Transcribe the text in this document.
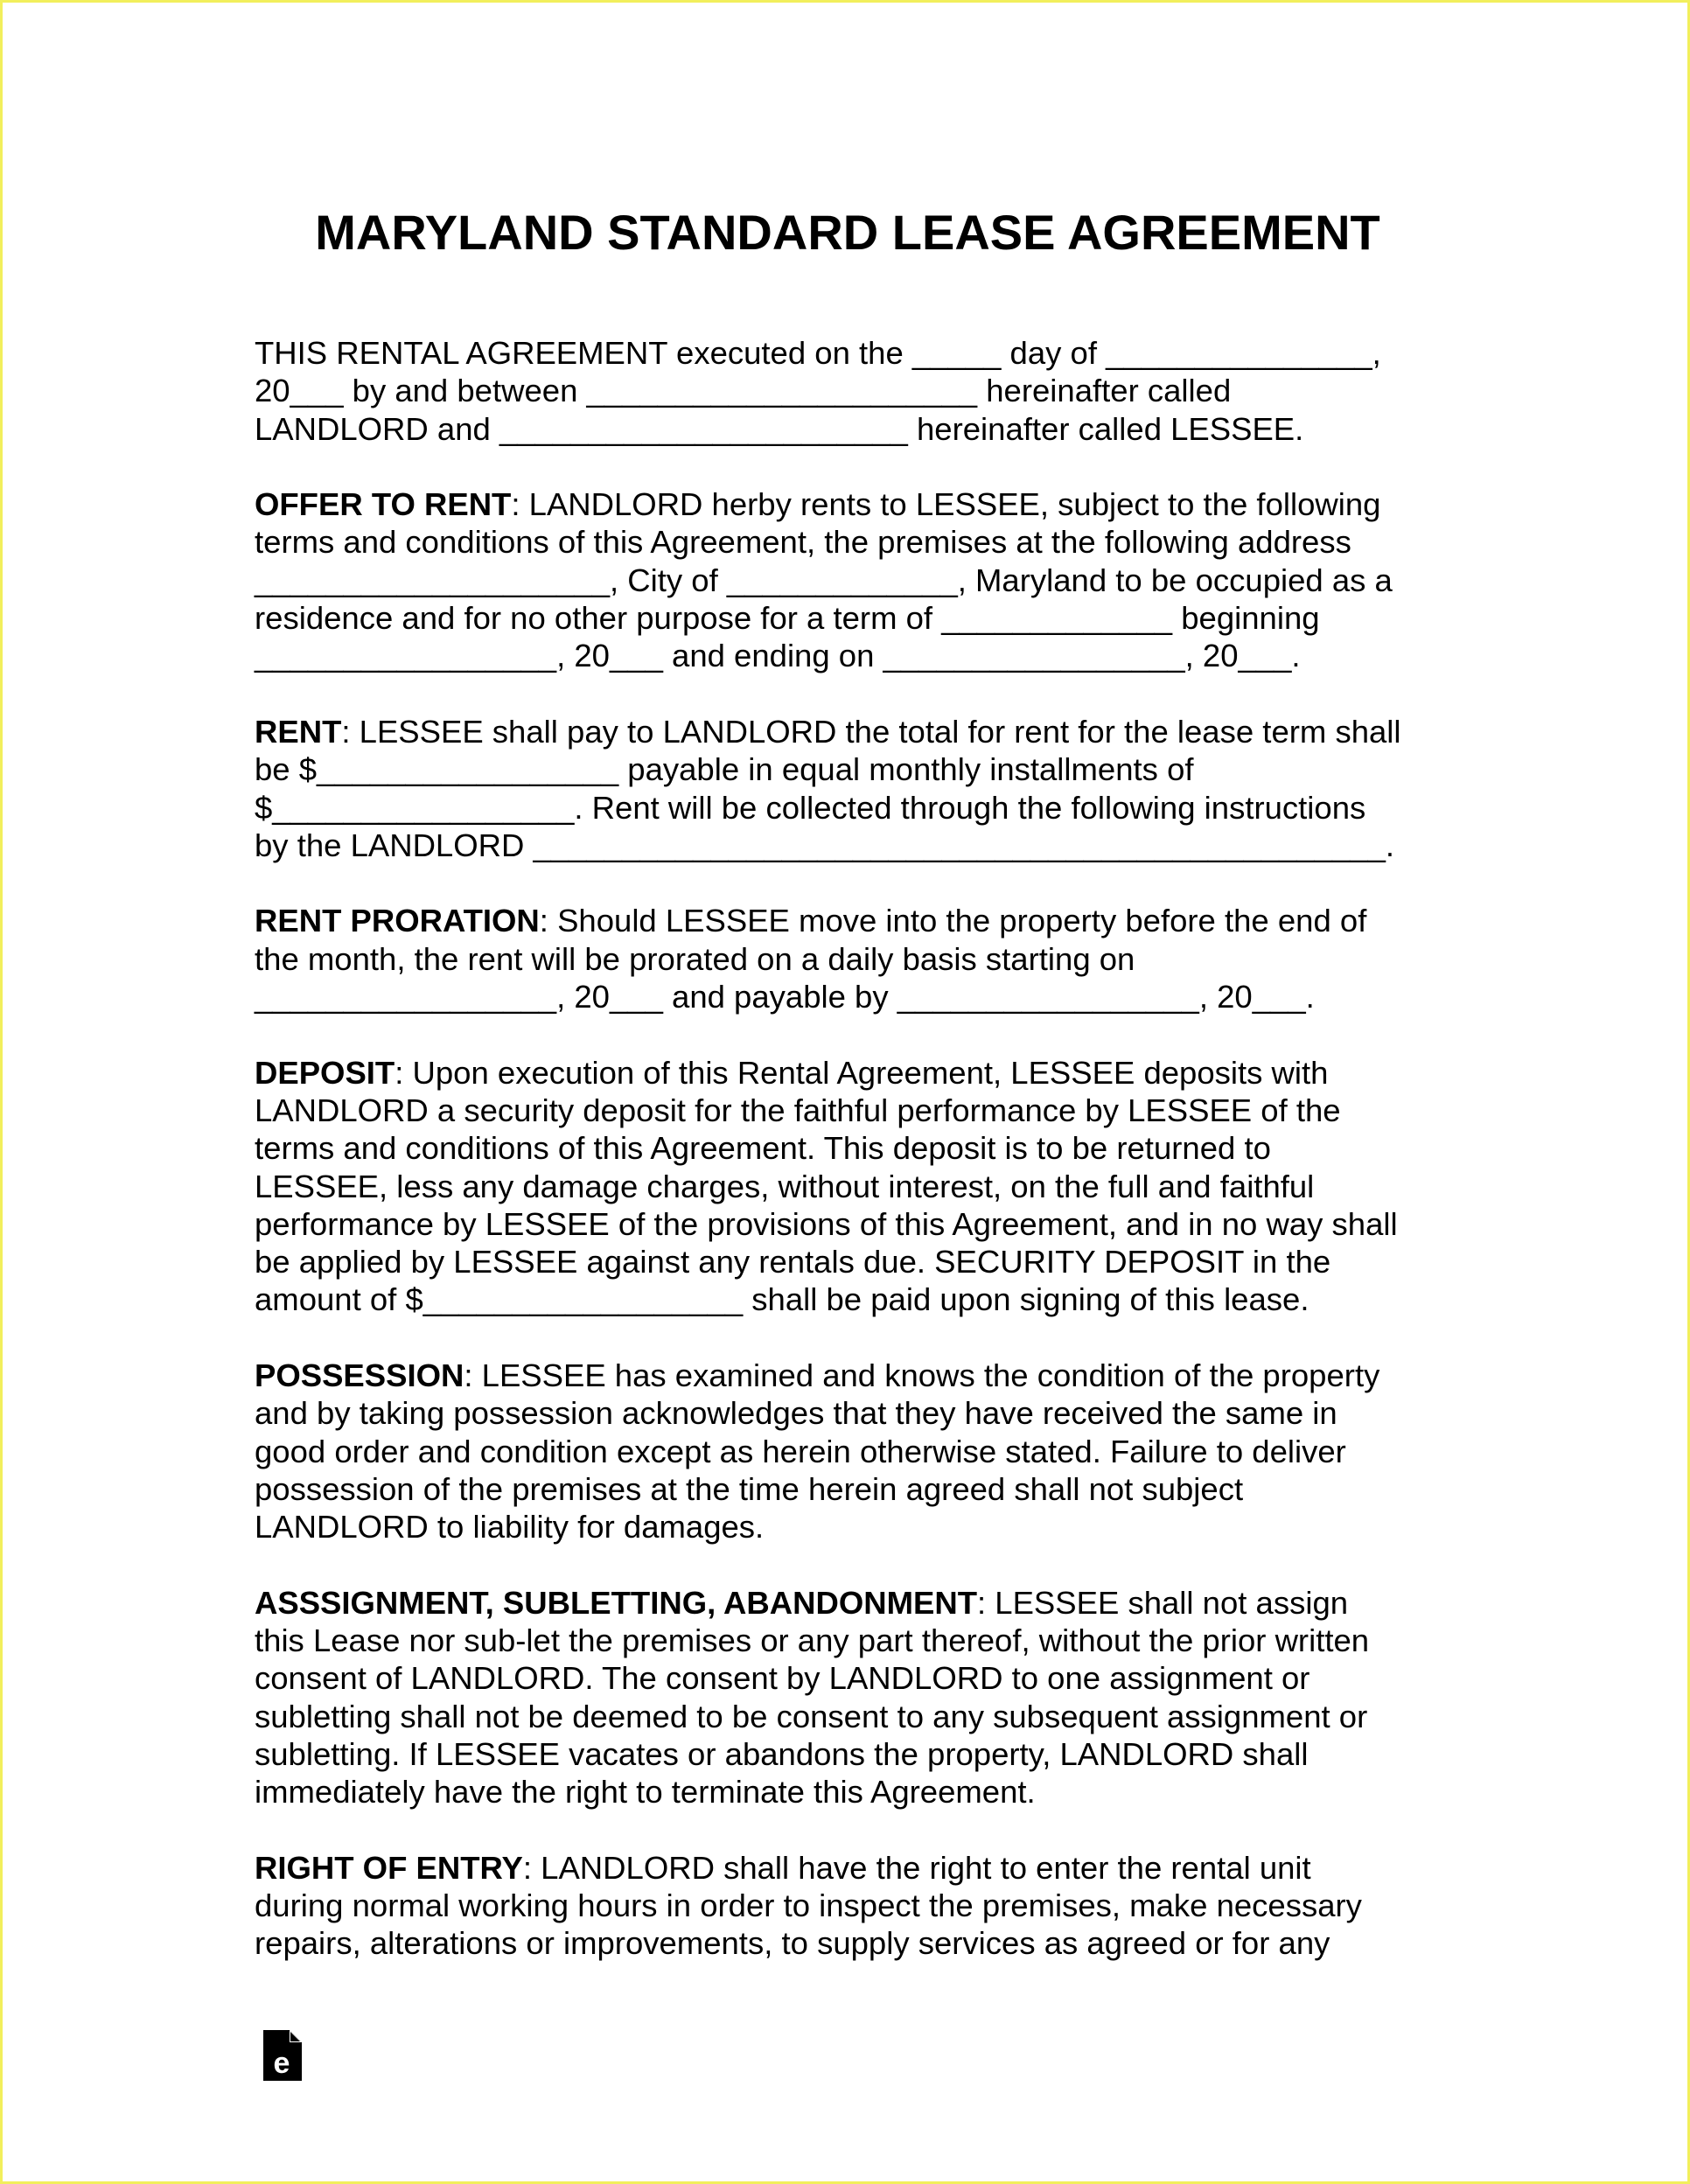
MARYLAND STANDARD LEASE AGREEMENT

THIS RENTAL AGREEMENT executed on the _____ day of _______________,
20___ by and between ______________________ hereinafter called
LANDLORD and _______________________ hereinafter called LESSEE.

OFFER TO RENT: LANDLORD herby rents to LESSEE, subject to the following
terms and conditions of this Agreement, the premises at the following address
____________________, City of _____________, Maryland to be occupied as a
residence and for no other purpose for a term of _____________ beginning
_________________, 20___ and ending on _________________, 20___.

RENT: LESSEE shall pay to LANDLORD the total for rent for the lease term shall
be $_________________ payable in equal monthly installments of
$_________________. Rent will be collected through the following instructions
by the LANDLORD ________________________________________________.

RENT PRORATION: Should LESSEE move into the property before the end of
the month, the rent will be prorated on a daily basis starting on
_________________, 20___ and payable by _________________, 20___.

DEPOSIT: Upon execution of this Rental Agreement, LESSEE deposits with
LANDLORD a security deposit for the faithful performance by LESSEE of the
terms and conditions of this Agreement. This deposit is to be returned to
LESSEE, less any damage charges, without interest, on the full and faithful
performance by LESSEE of the provisions of this Agreement, and in no way shall
be applied by LESSEE against any rentals due. SECURITY DEPOSIT in the
amount of $__________________ shall be paid upon signing of this lease.

POSSESSION: LESSEE has examined and knows the condition of the property
and by taking possession acknowledges that they have received the same in
good order and condition except as herein otherwise stated. Failure to deliver
possession of the premises at the time herein agreed shall not subject
LANDLORD to liability for damages.

ASSSIGNMENT, SUBLETTING, ABANDONMENT: LESSEE shall not assign
this Lease nor sub-let the premises or any part thereof, without the prior written
consent of LANDLORD. The consent by LANDLORD to one assignment or
subletting shall not be deemed to be consent to any subsequent assignment or
subletting. If LESSEE vacates or abandons the property, LANDLORD shall
immediately have the right to terminate this Agreement.

RIGHT OF ENTRY: LANDLORD shall have the right to enter the rental unit
during normal working hours in order to inspect the premises, make necessary
repairs, alterations or improvements, to supply services as agreed or for any

e
